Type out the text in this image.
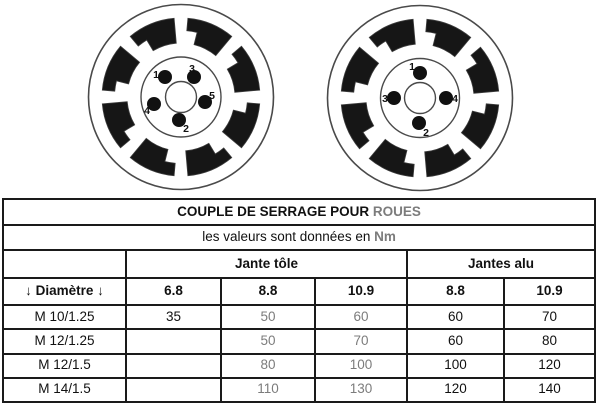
1	3
5
2
4
1
2
3	4
COUPLE DE SERRAGE POUR ROUES					
les valeurs sont données en Nm					
	Jante tôle			Jantes alu	
↓ Diamètre ↓	6.8	8.8	10.9	8.8	10.9
M 10/1.25	35	50	60	60	70
M 12/1.25		50	70	60	80
M 12/1.5		80	100	100	120
M 14/1.5		110	130	120	140
